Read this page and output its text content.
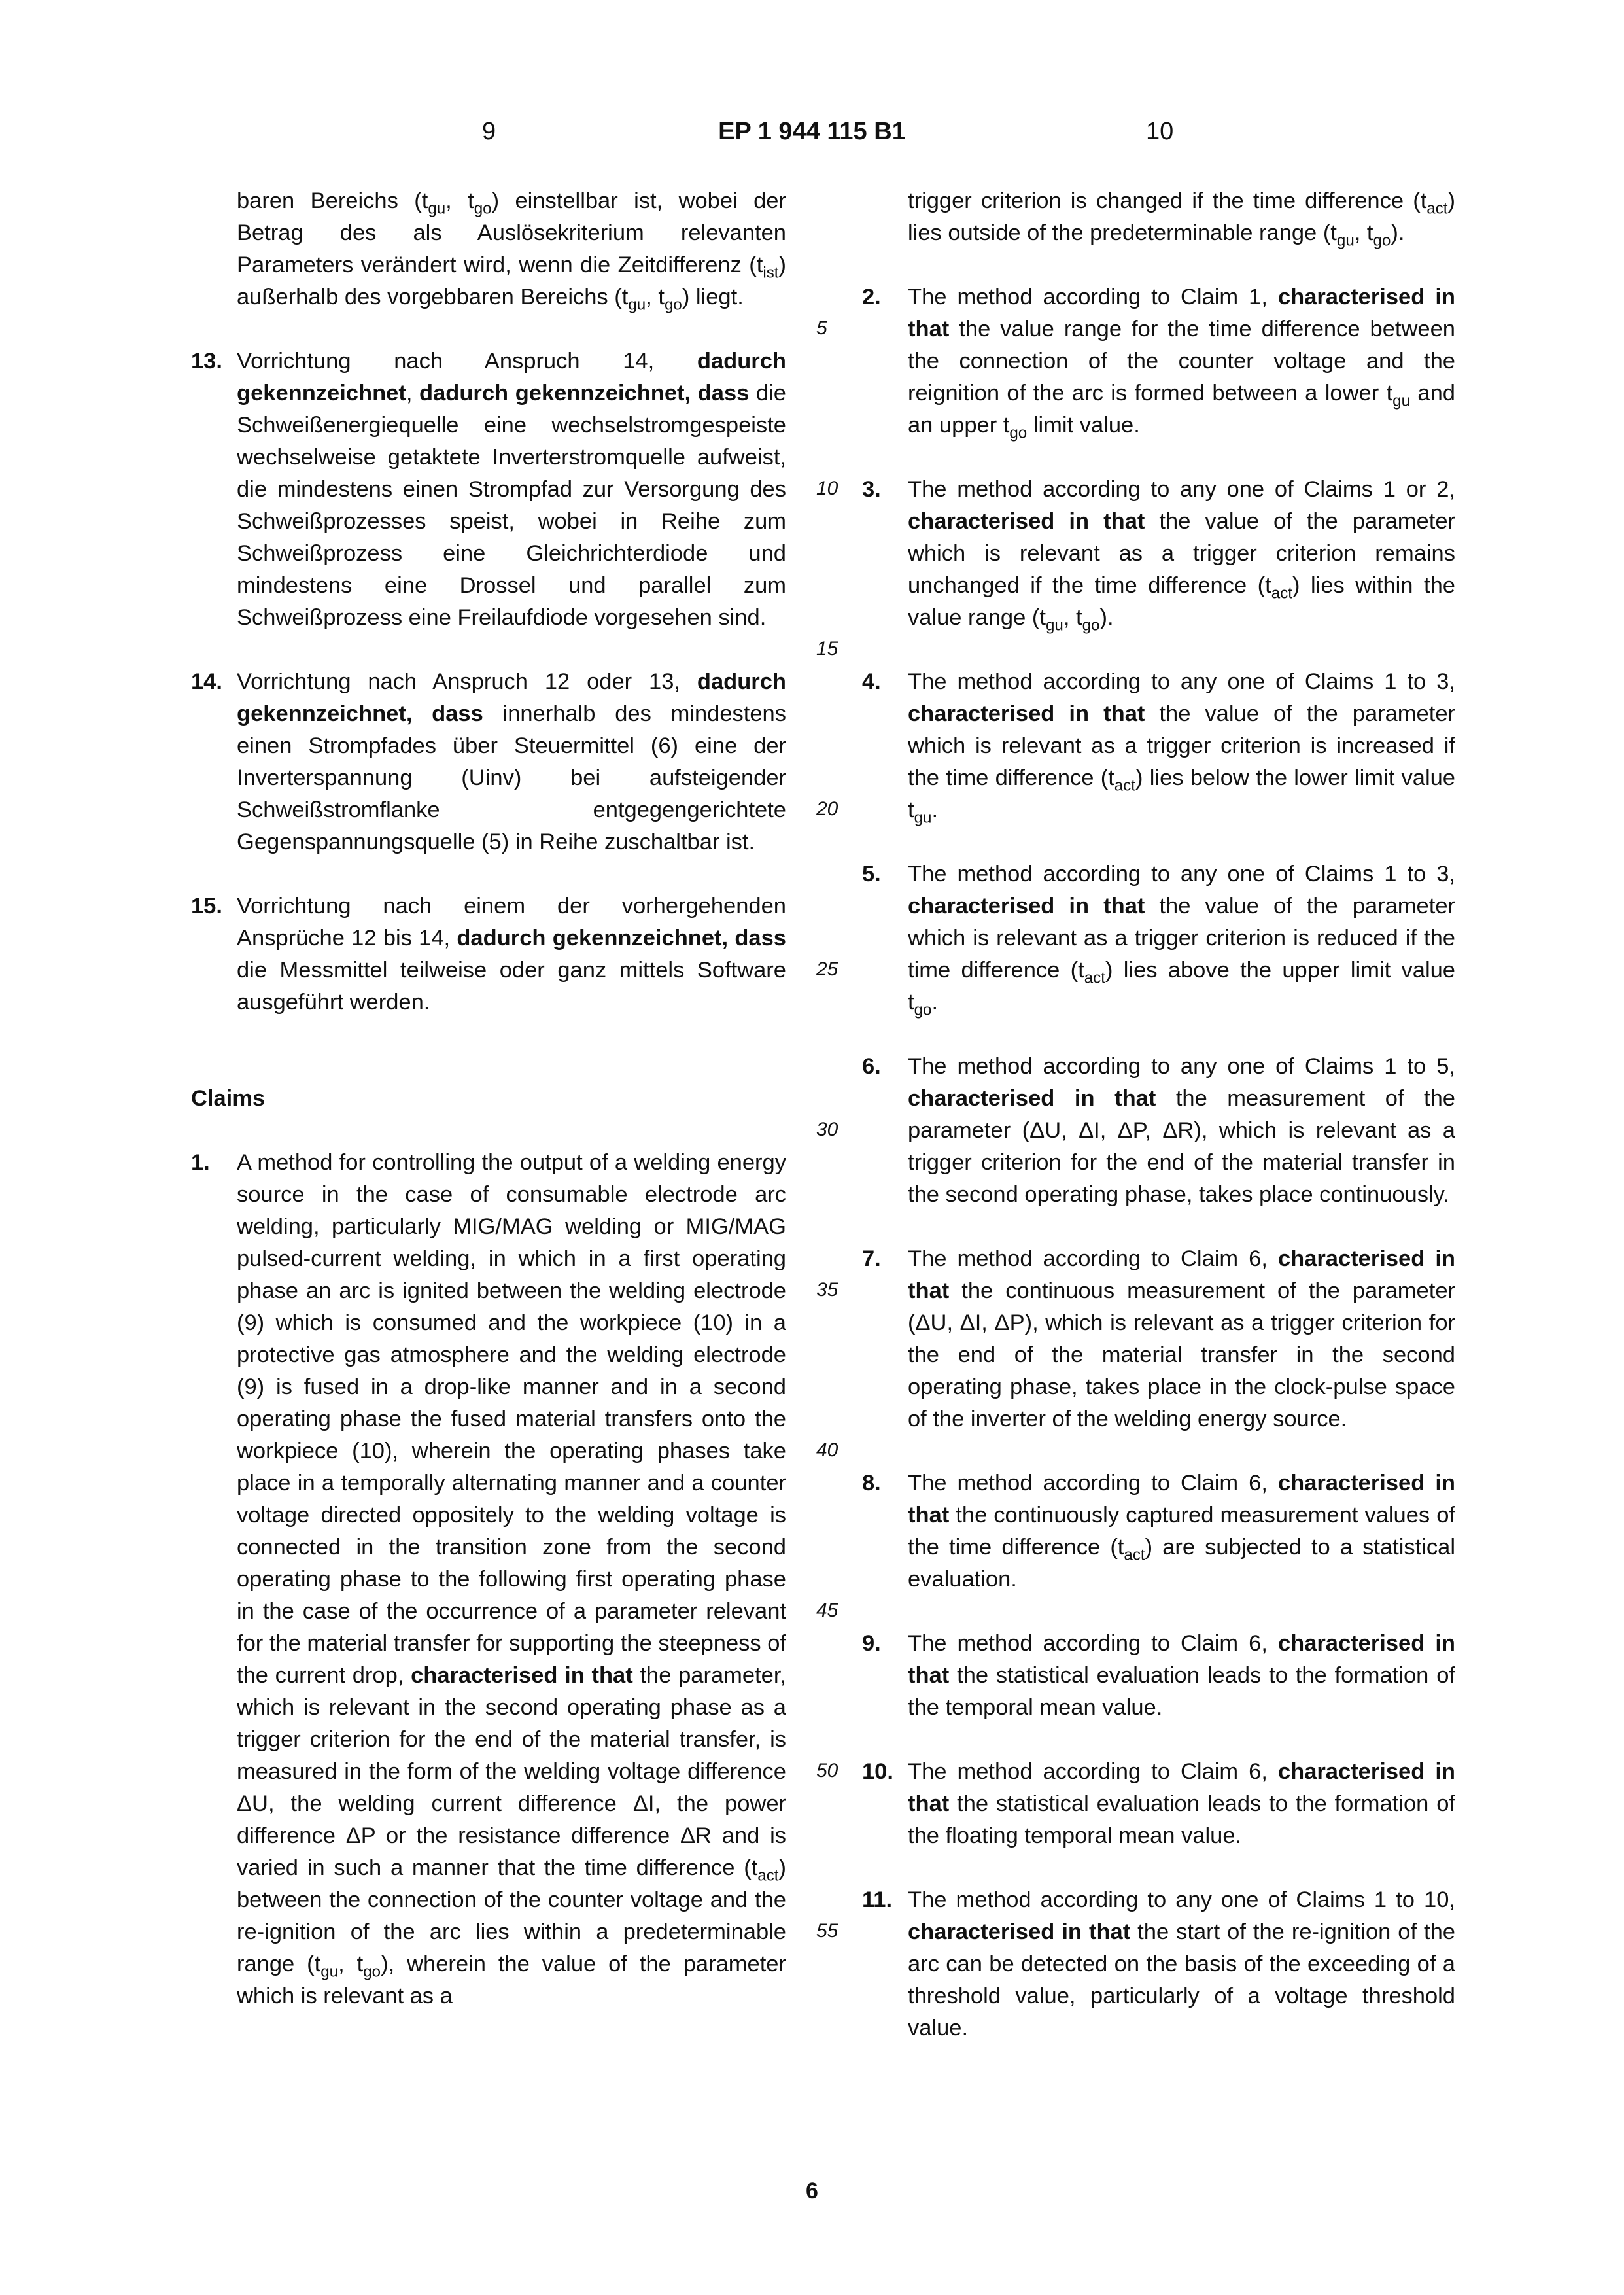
9	EP 1 944 115 B1	10
baren Bereichs ($t_{gu}$, $t_{go}$) einstellbar ist, wobei der Betrag des als Auslösekriterium relevanten Parameters verändert wird, wenn die Zeitdifferenz $(t_{ist})$ außerhalb des vorgebbaren Bereichs ($t_{gu}$, $t_{go}$) liegt.
13. Vorrichtung nach Anspruch 14, dadurch gekennzeichnet, dadurch gekennzeichnet, dass die Schweißenergiequelle eine wechselstromgespeiste wechselweise getaktete Inverterstromquelle aufweist, die mindestens einen Strompfad zur Versorgung des Schweißprozesses speist, wobei in Reihe zum Schweißprozess eine Gleichrichterdiode und mindestens eine Drossel und parallel zum Schweißprozess eine Freilaufdiode vorgesehen sind.
14. Vorrichtung nach Anspruch 12 oder 13, dadurch gekennzeichnet, dass innerhalb des mindestens einen Strompfades über Steuermittel (6) eine der Inverterspannung (Uinv) bei aufsteigender Schweißstromflanke entgegengerichtete Gegenspannungsquelle (5) in Reihe zuschaltbar ist.
15. Vorrichtung nach einem der vorhergehenden Ansprüche 12 bis 14, dadurch gekennzeichnet, dass die Messmittel teilweise oder ganz mittels Software ausgeführt werden.
Claims
1. A method for controlling the output of a welding energy source in the case of consumable electrode arc welding, particularly MIG/MAG welding or MIG/MAG pulsed-current welding, in which in a first operating phase an arc is ignited between the welding electrode (9) which is consumed and the workpiece (10) in a protective gas atmosphere and the welding electrode (9) is fused in a drop-like manner and in a second operating phase the fused material transfers onto the workpiece (10), wherein the operating phases take place in a temporally alternating manner and a counter voltage directed oppositely to the welding voltage is connected in the transition zone from the second operating phase to the following first operating phase in the case of the occurrence of a parameter relevant for the material transfer for supporting the steepness of the current drop, characterised in that the parameter, which is relevant in the second operating phase as a trigger criterion for the end of the material transfer, is measured in the form of the welding voltage difference ΔU, the welding current difference ΔI, the power difference ΔP or the resistance difference ΔR and is varied in such a manner that the time difference $(t_{act})$ between the connection of the counter voltage and the re-ignition of the arc lies within a predeterminable range ($t_{gu}$, $t_{go}$), wherein the value of the parameter which is relevant as a
trigger criterion is changed if the time difference $(t_{act})$ lies outside of the predeterminable range ($t_{gu}$, $t_{go}$).
2. The method according to Claim 1, characterised in that the value range for the time difference between the connection of the counter voltage and the reignition of the arc is formed between a lower $t_{gu}$ and an upper $t_{go}$ limit value.
3. The method according to any one of Claims 1 or 2, characterised in that the value of the parameter which is relevant as a trigger criterion remains unchanged if the time difference $(t_{act})$ lies within the value range ($t_{gu}$, $t_{go}$).
4. The method according to any one of Claims 1 to 3, characterised in that the value of the parameter which is relevant as a trigger criterion is increased if the time difference $(t_{act})$ lies below the lower limit value $t_{gu}$.
5. The method according to any one of Claims 1 to 3, characterised in that the value of the parameter which is relevant as a trigger criterion is reduced if the time difference $(t_{act})$ lies above the upper limit value $t_{go}$.
6. The method according to any one of Claims 1 to 5, characterised in that the measurement of the parameter (ΔU, ΔI, ΔP, ΔR), which is relevant as a trigger criterion for the end of the material transfer in the second operating phase, takes place continuously.
7. The method according to Claim 6, characterised in that the continuous measurement of the parameter (ΔU, ΔI, ΔP), which is relevant as a trigger criterion for the end of the material transfer in the second operating phase, takes place in the clock-pulse space of the inverter of the welding energy source.
8. The method according to Claim 6, characterised in that the continuously captured measurement values of the time difference $(t_{act})$ are subjected to a statistical evaluation.
9. The method according to Claim 6, characterised in that the statistical evaluation leads to the formation of the temporal mean value.
10. The method according to Claim 6, characterised in that the statistical evaluation leads to the formation of the floating temporal mean value.
11. The method according to any one of Claims 1 to 10, characterised in that the start of the re-ignition of the arc can be detected on the basis of the exceeding of a threshold value, particularly of a voltage threshold value.
5
10
15
20
25
30
35
40
45
50
55
6
